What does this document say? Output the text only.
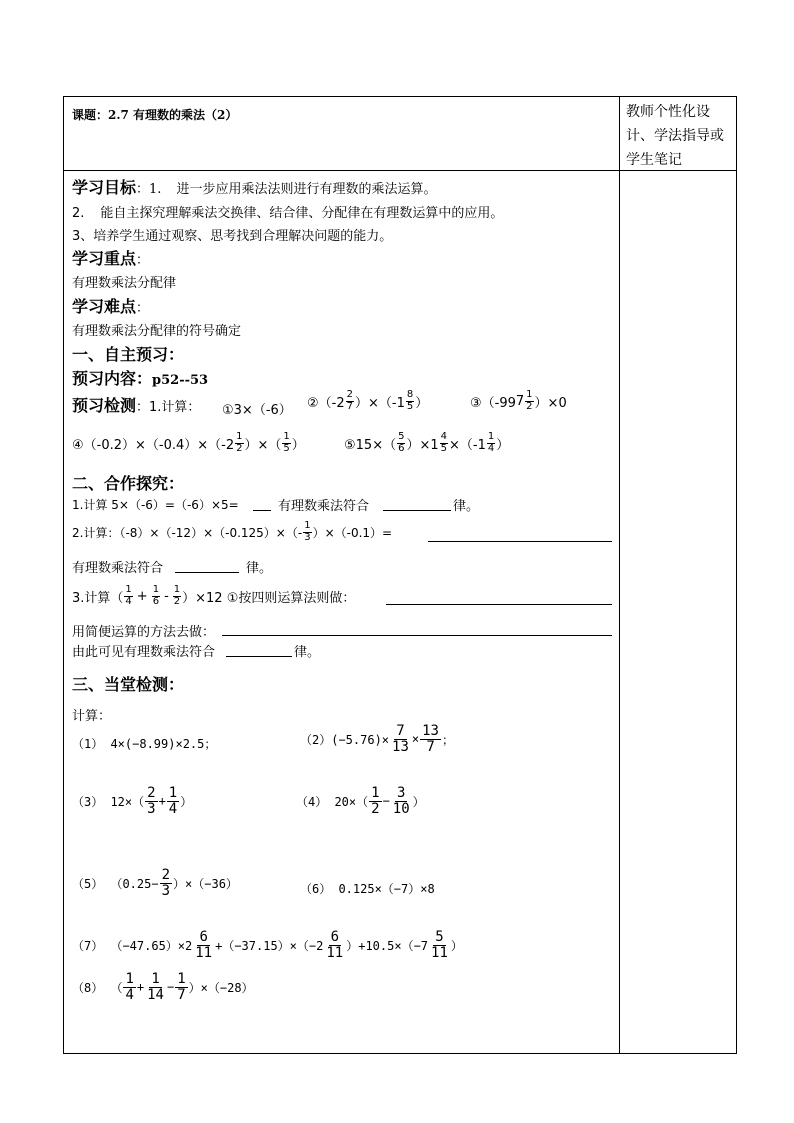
课题：2.7 有理数的乘法（2）	教师个性化设计、学法指导或学生笔记
学习目标：1. 进一步应用乘法法则进行有理数的乘法运算。
2. 能自主探究理解乘法交换律、结合律、分配律在有理数运算中的应用。
3、培养学生通过观察、思考找到合理解决问题的能力。
学习重点：
有理数乘法分配律
学习难点：
有理数乘法分配律的符号确定
一、自主预习：
预习内容：p52--53
预习检测：1.计算： ①3×（-6） ②（-2
2
7 ）×（-1
8
5 ）	③（-99 7 1
2 ）×0
④（-0.2）×（-0.4）×（-2
1
2 ）×（
1
5 ）	⑤15×（
5
6 ）$\times 1 \frac{4}{5} \times(-1$
1
4 ）
二、合作探究：
1.计算 5×（-6）=（-6）×5=	有理数乘法符合	律。
2.计算：（-8）×（-12）×（-0.125）×（- 1
3 ）×（-0.1）=
有理数乘法符合	律。
3.计算（
1
$4 + \frac{1}{6} - 1$
2 ）×12 ①按四则运算法则做：
用简便运算的方法去做：
由此可见有理数乘法符合	律。
三、当堂检测：
计算：
（1） 4×(−8.99)×2.5；	$(2)(-5.76)\times \frac{7}{13} \times \frac{13}{7}$ ；
（3） 12×（
2
$3 + \frac{1}{4}$ ）	（4） 20×（
1
$2 - \frac{3}{10}$ ）
（5） $(0.25- \frac{2}{3} )\times(-36)$	（6） 0.125×（−7）×8
（7） （−47.65）×2
6
11 +（−37.15）×（−2
6
11 ）+10.5×（−7
5
11 ）
（8） （
1
$4 + \frac{1}{14} - \frac{1}{7} )\times(-28)$
